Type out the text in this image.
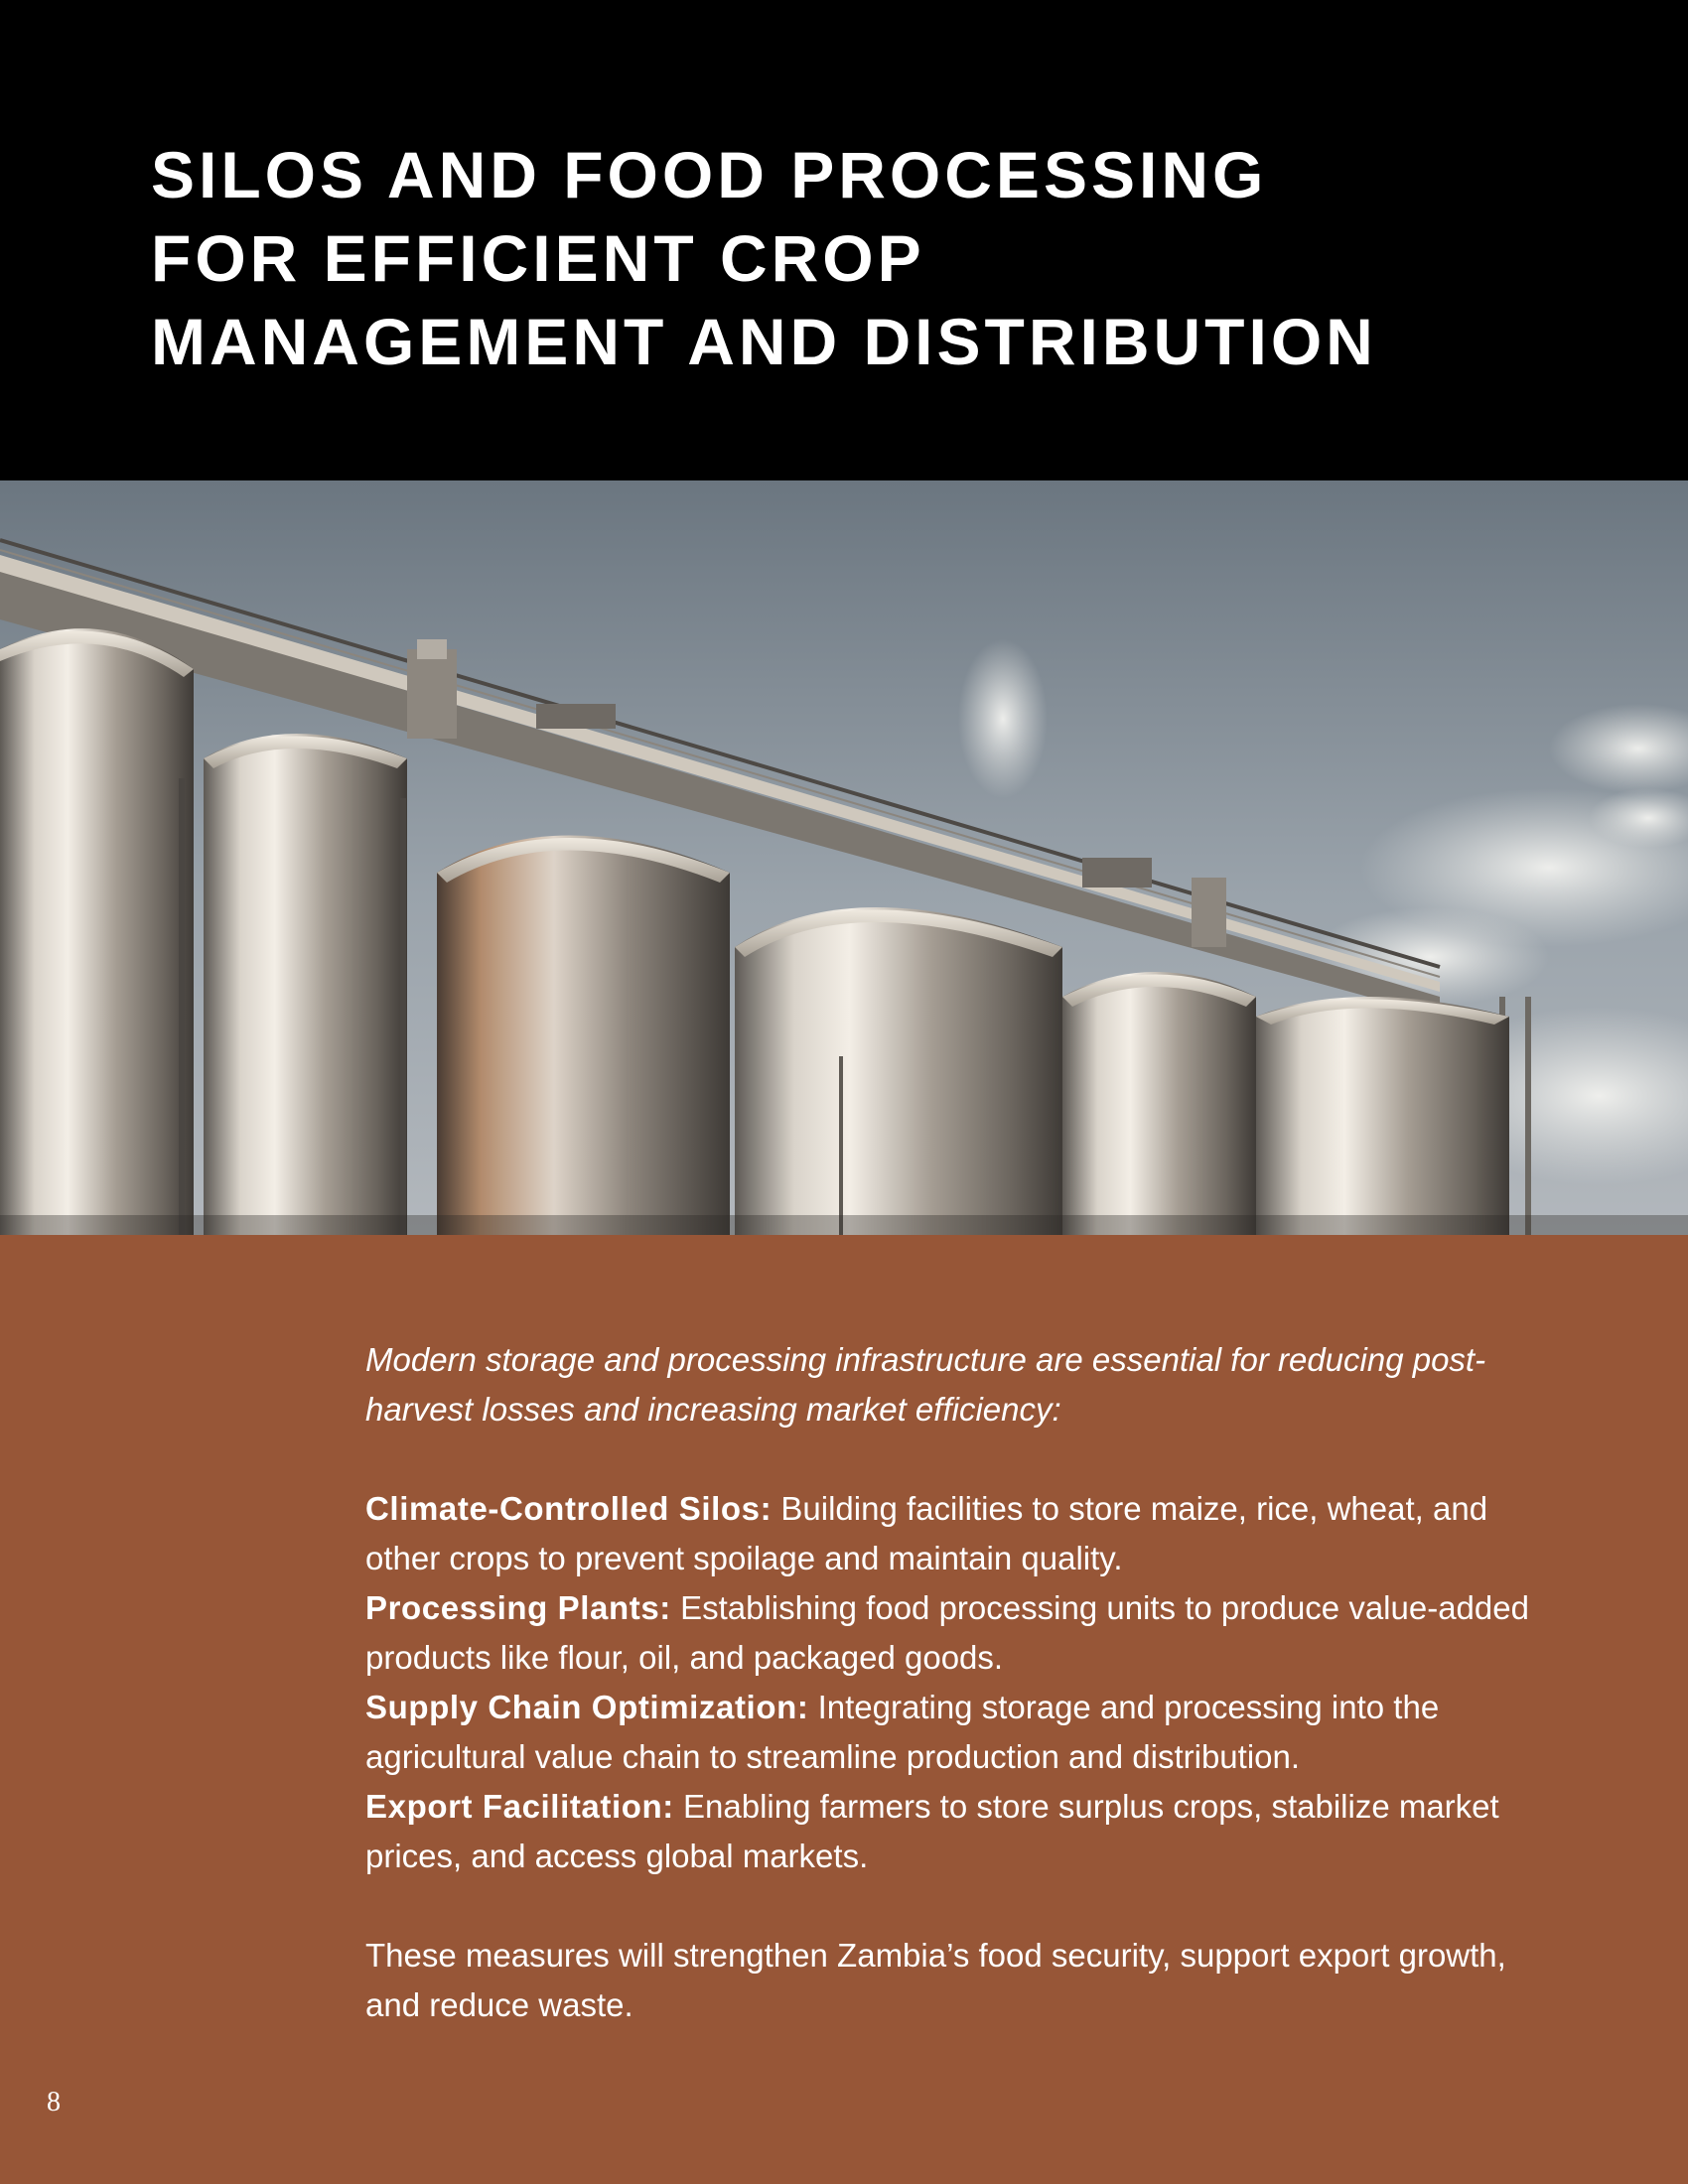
SILOS AND FOOD PROCESSING
FOR EFFICIENT CROP
MANAGEMENT AND DISTRIBUTION

Modern storage and processing infrastructure are essential for reducing post-harvest losses and increasing market efficiency:

Climate-Controlled Silos: Building facilities to store maize, rice, wheat, and other crops to prevent spoilage and maintain quality.

Processing Plants: Establishing food processing units to produce value-added products like flour, oil, and packaged goods.

Supply Chain Optimization: Integrating storage and processing into the agricultural value chain to streamline production and distribution.

Export Facilitation: Enabling farmers to store surplus crops, stabilize market prices, and access global markets.

These measures will strengthen Zambia’s food security, support export growth, and reduce waste.

8
